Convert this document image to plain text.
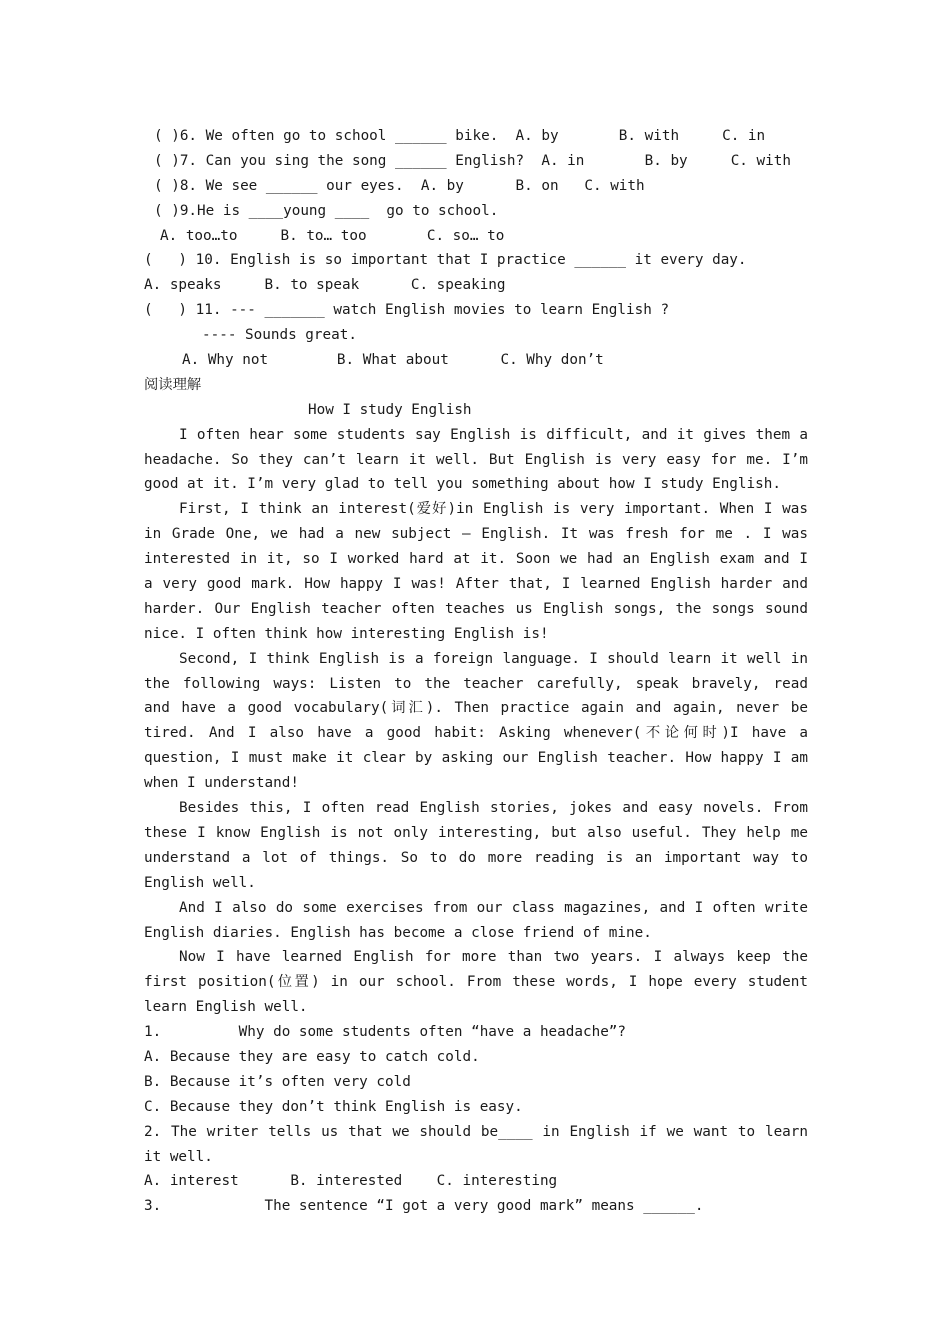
( )6. We often go to school ______ bike.  A. by       B. with     C. in
( )7. Can you sing the song ______ English?  A. in       B. by     C. with
( )8. We see ______ our eyes.  A. by      B. on   C. with
( )9.He is ____young ____  go to school.
A. too…to     B. to… too       C. so… to
(   ) 10. English is so important that I practice ______ it every day.
A. speaks     B. to speak      C. speaking
(   ) 11. --- _______ watch English movies to learn English ?
---- Sounds great.
A. Why not        B. What about      C. Why don’t
阅读理解
How I study English
I often hear some students say English is difficult, and it gives them a
headache. So they can’t learn it well. But English is very easy for me. I’m
good at it. I’m very glad to tell you something about how I study English.
First, I think an interest(爱好)in English is very important. When I was
in Grade One, we had a new subject – English. It was fresh for me . I was
interested in it, so I worked hard at it. Soon we had an English exam and I
a very good mark. How happy I was! After that, I learned English harder and
harder. Our English teacher often teaches us English songs, the songs sound
nice. I often think how interesting English is!
Second, I think English is a foreign language. I should learn it well in
the following ways: Listen to the teacher carefully, speak bravely, read
and have a good vocabulary(词汇). Then practice again and again, never be
tired. And I also have a good habit: Asking whenever(不论何时)I have a
question, I must make it clear by asking our English teacher. How happy I am
when I understand!
Besides this, I often read English stories, jokes and easy novels. From
these I know English is not only interesting, but also useful. They help me
understand a lot of things. So to do more reading is an important way to
English well.
And I also do some exercises from our class magazines, and I often write
English diaries. English has become a close friend of mine.
Now I have learned English for more than two years. I always keep the
first position(位置) in our school. From these words, I hope every student
learn English well.
1.         Why do some students often “have a headache”?
A. Because they are easy to catch cold.
B. Because it’s often very cold
C. Because they don’t think English is easy.
2. The writer tells us that we should be____ in English if we want to learn
it well.
A. interest      B. interested    C. interesting
3.            The sentence “I got a very good mark” means ______.
